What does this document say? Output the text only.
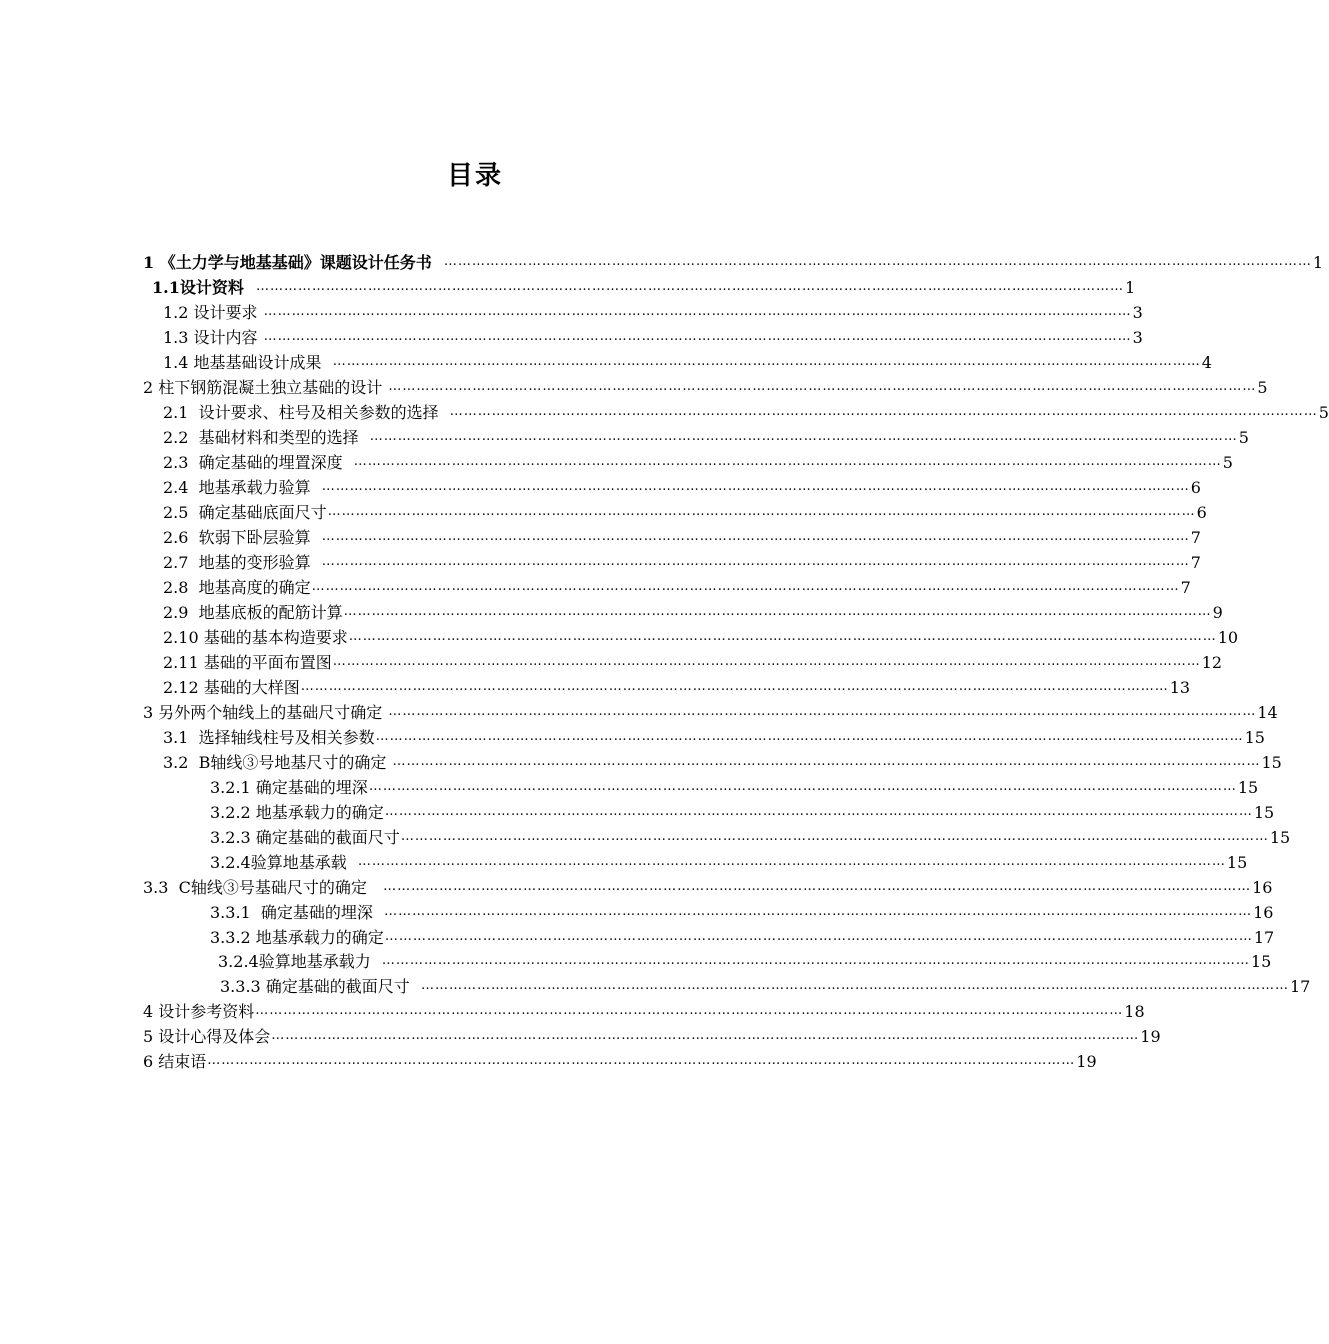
目录
1 《土力学与地基基础》课题设计任务书 …………………………………………………………………………………………………………………………………………………………………… 1
1.1设计资料 …………………………………………………………………………………………………………………………………………………………………… 1
1.2 设计要求 …………………………………………………………………………………………………………………………………………………………………… 3
1.3 设计内容 …………………………………………………………………………………………………………………………………………………………………… 3
1.4 地基基础设计成果 …………………………………………………………………………………………………………………………………………………………………… 4
2 柱下钢筋混凝土独立基础的设计 …………………………………………………………………………………………………………………………………………………………………… 5
2.1  设计要求、柱号及相关参数的选择 …………………………………………………………………………………………………………………………………………………………………… 5
2.2  基础材料和类型的选择 …………………………………………………………………………………………………………………………………………………………………… 5
2.3  确定基础的埋置深度 …………………………………………………………………………………………………………………………………………………………………… 5
2.4  地基承载力验算 …………………………………………………………………………………………………………………………………………………………………… 6
2.5  确定基础底面尺寸 …………………………………………………………………………………………………………………………………………………………………… 6
2.6  软弱下卧层验算 …………………………………………………………………………………………………………………………………………………………………… 7
2.7  地基的变形验算 …………………………………………………………………………………………………………………………………………………………………… 7
2.8  地基高度的确定 …………………………………………………………………………………………………………………………………………………………………… 7
2.9  地基底板的配筋计算 …………………………………………………………………………………………………………………………………………………………………… 9
2.10 基础的基本构造要求 …………………………………………………………………………………………………………………………………………………………………… 10
2.11 基础的平面布置图 …………………………………………………………………………………………………………………………………………………………………… 12
2.12 基础的大样图 …………………………………………………………………………………………………………………………………………………………………… 13
3 另外两个轴线上的基础尺寸确定 …………………………………………………………………………………………………………………………………………………………………… 14
3.1  选择轴线柱号及相关参数 …………………………………………………………………………………………………………………………………………………………………… 15
3.2  B轴线③号地基尺寸的确定 …………………………………………………………………………………………………………………………………………………………………… 15
3.2.1 确定基础的埋深 …………………………………………………………………………………………………………………………………………………………………… 15
3.2.2 地基承载力的确定 …………………………………………………………………………………………………………………………………………………………………… 15
3.2.3 确定基础的截面尺寸 …………………………………………………………………………………………………………………………………………………………………… 15
3.2.4验算地基承载 …………………………………………………………………………………………………………………………………………………………………… 15
3.3  C轴线③号基础尺寸的确定 …………………………………………………………………………………………………………………………………………………………………… 16
3.3.1  确定基础的埋深 …………………………………………………………………………………………………………………………………………………………………… 16
3.3.2 地基承载力的确定 …………………………………………………………………………………………………………………………………………………………………… 17
3.2.4验算地基承载力 …………………………………………………………………………………………………………………………………………………………………… 15
3.3.3 确定基础的截面尺寸 …………………………………………………………………………………………………………………………………………………………………… 17
4 设计参考资料 …………………………………………………………………………………………………………………………………………………………………… 18
5 设计心得及体会 …………………………………………………………………………………………………………………………………………………………………… 19
6 结束语 …………………………………………………………………………………………………………………………………………………………………… 19
